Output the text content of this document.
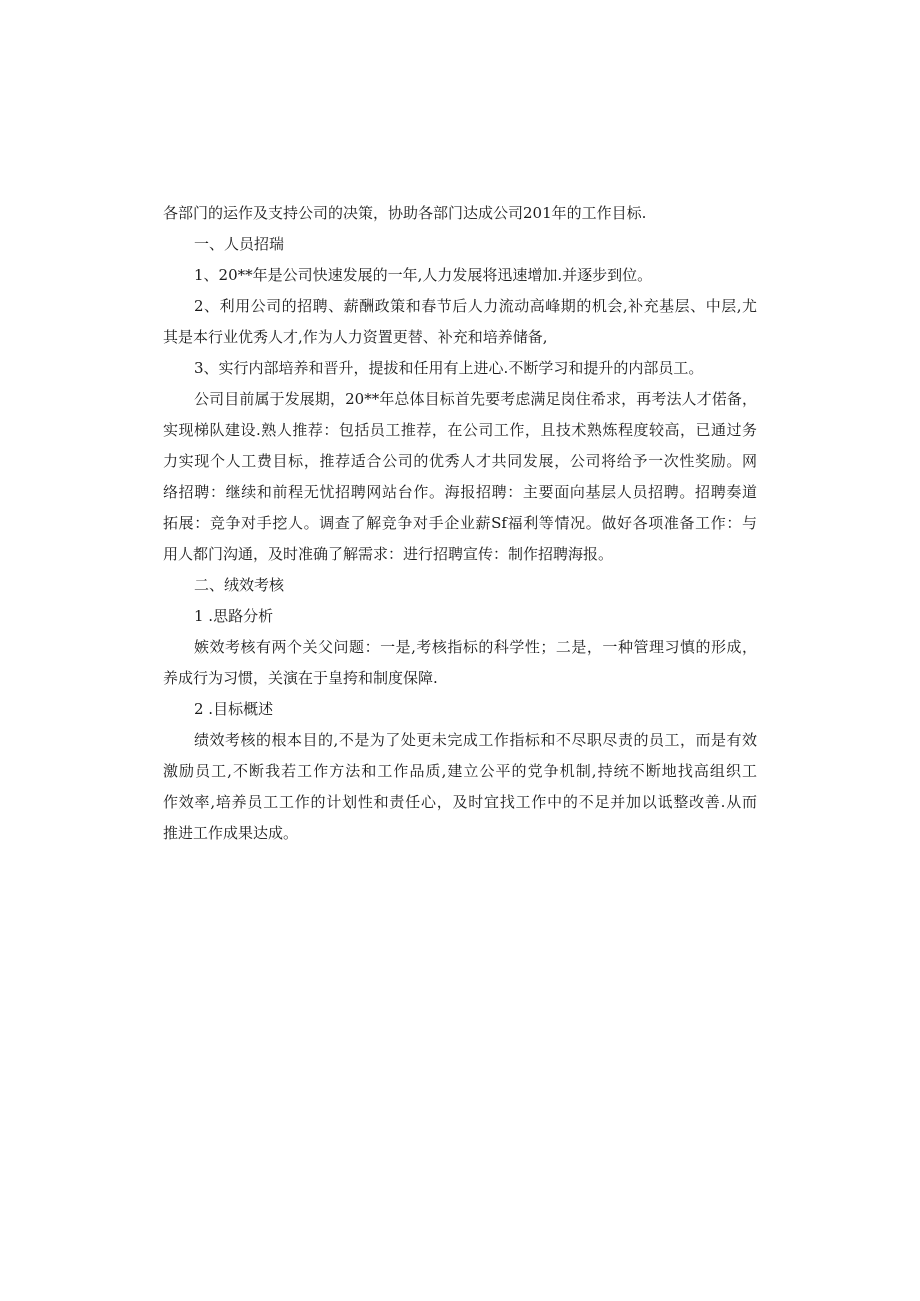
各部门的运作及支持公司的决策，协助各部门达成公司201年的工作目标.

一、人员招瑞

1、20**年是公司快速发展的一年,人力发展将迅速增加.并逐步到位。

2、利用公司的招聘、薪酬政策和春节后人力流动高峰期的机会,补充基层、中层,尤

其是本行业优秀人才,作为人力资置更替、补充和培养储备,

3、实行内部培养和晋升，提拔和任用有上进心.不断学习和提升的内部员工。

公司目前属于发展期，20**年总体目标首先要考虑满足岗住希求，再考法人才偌备，

实现梯队建设.熟人推荐：包括员工推荐，在公司工作，且技术熟炼程度较高，已通过务

力实现个人工费目标，推荐适合公司的优秀人才共同发展，公司将给予一次性奖励。网

络招聘：继续和前程无忧招聘网站台作。海报招聘：主要面向基层人员招聘。招聘奏道

拓展：竞争对手挖人。调查了解竞争对手企业薪Sf福利等情况。做好各项准备工作：与

用人都门沟通，及时准确了解需求：进行招聘宣传：制作招聘海报。

二、绒效考核

1 .思路分析

嫉效考核有两个关父问题：一是,考核指标的科学性；二是，一种管理习慎的形成，

养成行为习惯，关演在于皇挎和制度保障.

2 .目标概述

绩效考核的根本目的,不是为了处更未完成工作指标和不尽职尽责的员工，而是有效

激励员工,不断我若工作方法和工作品质,建立公平的党争机制,持统不断地找高组织工

作效率,培养员工工作的计划性和责任心，及时宜找工作中的不足并加以诋整改善.从而

推进工作成果达成。
